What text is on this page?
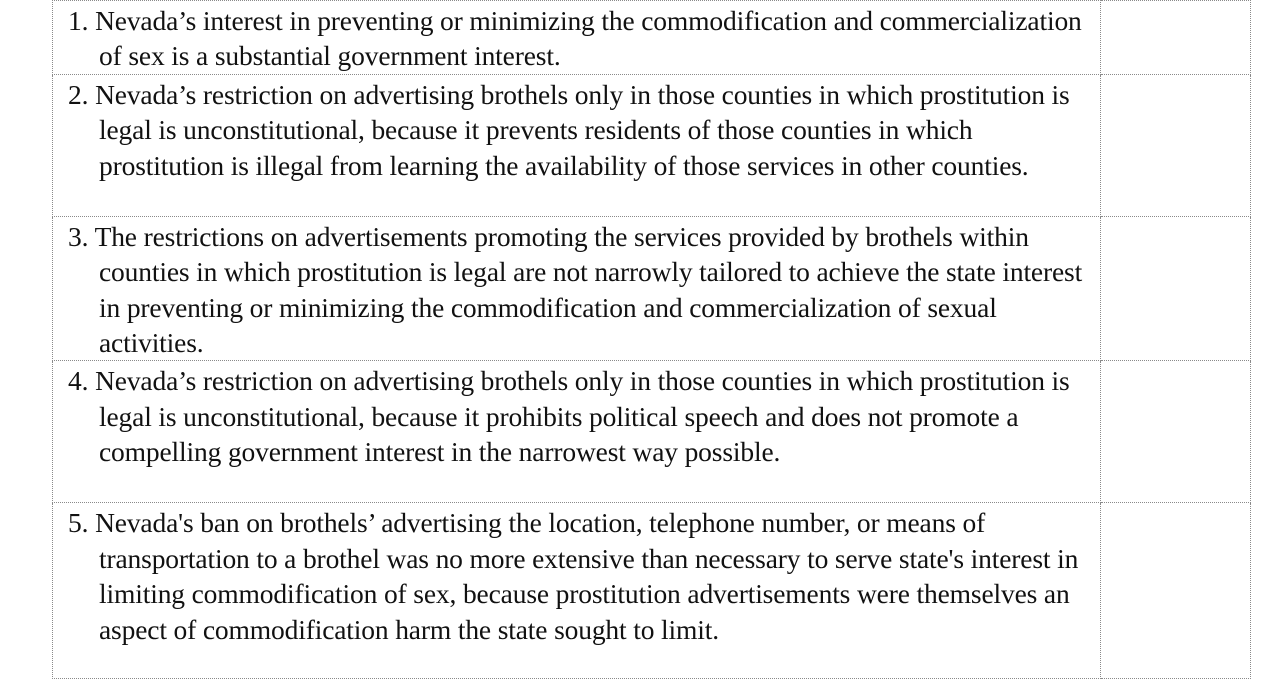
1. Nevada’s interest in preventing or minimizing the commodification and commercialization of sex is a substantial government interest.	

2. Nevada’s restriction on advertising brothels only in those counties in which prostitution is legal is unconstitutional, because it prevents residents of those counties in which prostitution is illegal from learning the availability of those services in other counties.	

3. The restrictions on advertisements promoting the services provided by brothels within counties in which prostitution is legal are not narrowly tailored to achieve the state interest in preventing or minimizing the commodification and commercialization of sexual activities.	

4. Nevada’s restriction on advertising brothels only in those counties in which prostitution is legal is unconstitutional, because it prohibits political speech and does not promote a compelling government interest in the narrowest way possible.	

5. Nevada's ban on brothels’ advertising the location, telephone number, or means of transportation to a brothel was no more extensive than necessary to serve state's interest in limiting commodification of sex, because prostitution advertisements were themselves an aspect of commodification harm the state sought to limit.	
